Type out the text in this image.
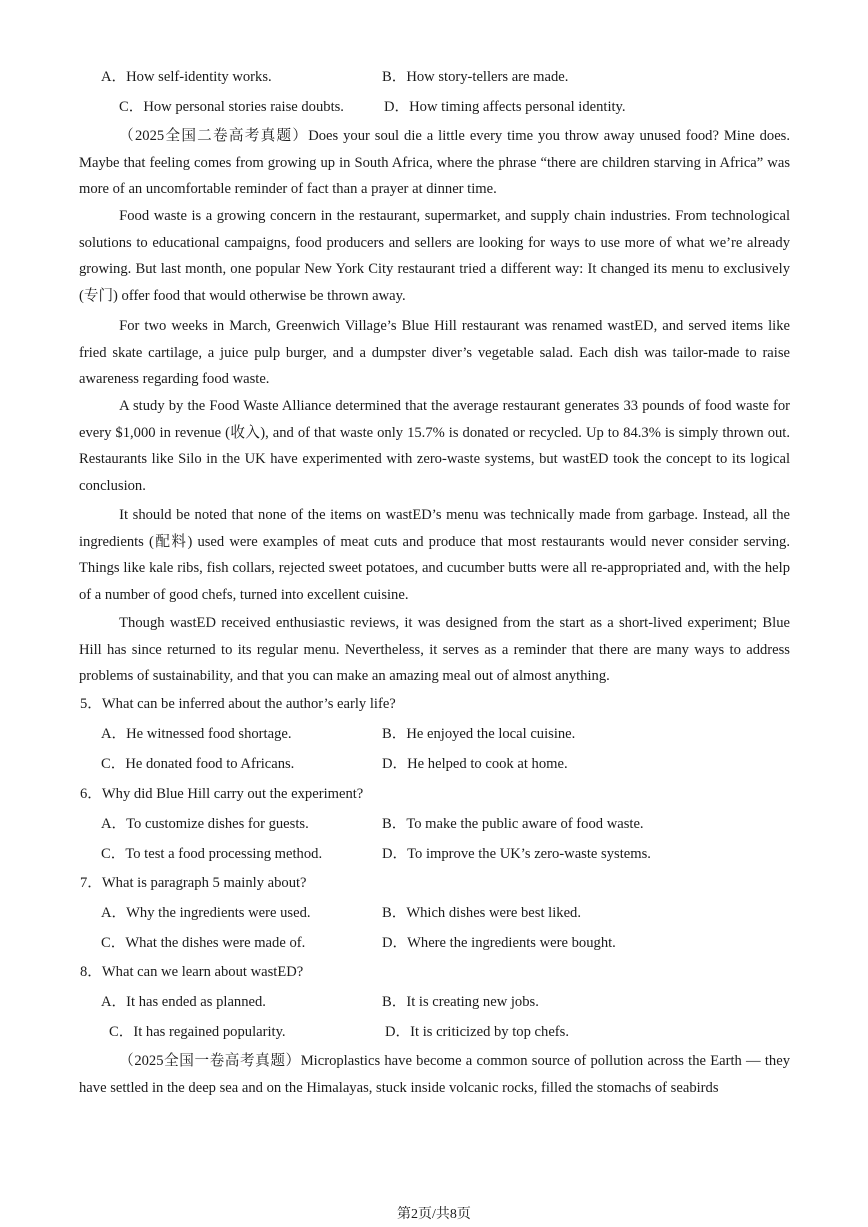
A．How self-identity works.	B．How story-tellers are made.
C．How personal stories raise doubts.	D．How timing affects personal identity.

（2025全国二卷高考真题）Does your soul die a little every time you throw away unused food? Mine does. Maybe that feeling comes from growing up in South Africa, where the phrase “there are children starving in Africa” was more of an uncomfortable reminder of fact than a prayer at dinner time.

Food waste is a growing concern in the restaurant, supermarket, and supply chain industries. From technological solutions to educational campaigns, food producers and sellers are looking for ways to use more of what we’re already growing. But last month, one popular New York City restaurant tried a different way: It changed its menu to exclusively (专门) offer food that would otherwise be thrown away.

For two weeks in March, Greenwich Village’s Blue Hill restaurant was renamed wastED, and served items like fried skate cartilage, a juice pulp burger, and a dumpster diver’s vegetable salad. Each dish was tailor-made to raise awareness regarding food waste.

A study by the Food Waste Alliance determined that the average restaurant generates 33 pounds of food waste for every $1,000 in revenue (收入), and of that waste only 15.7% is donated or recycled. Up to 84.3% is simply thrown out. Restaurants like Silo in the UK have experimented with zero-waste systems, but wastED took the concept to its logical conclusion.

It should be noted that none of the items on wastED’s menu was technically made from garbage. Instead, all the ingredients (配料) used were examples of meat cuts and produce that most restaurants would never consider serving. Things like kale ribs, fish collars, rejected sweet potatoes, and cucumber butts were all re-appropriated and, with the help of a number of good chefs, turned into excellent cuisine.

Though wastED received enthusiastic reviews, it was designed from the start as a short-lived experiment; Blue Hill has since returned to its regular menu. Nevertheless, it serves as a reminder that there are many ways to address problems of sustainability, and that you can make an amazing meal out of almost anything.

5．What can be inferred about the author’s early life?
A．He witnessed food shortage.	B．He enjoyed the local cuisine.
C．He donated food to Africans.	D．He helped to cook at home.
6．Why did Blue Hill carry out the experiment?
A．To customize dishes for guests.	B．To make the public aware of food waste.
C．To test a food processing method.	D．To improve the UK’s zero-waste systems.
7．What is paragraph 5 mainly about?
A．Why the ingredients were used.	B．Which dishes were best liked.
C．What the dishes were made of.	D．Where the ingredients were bought.
8．What can we learn about wastED?
A．It has ended as planned.	B．It is creating new jobs.
C．It has regained popularity.	D．It is criticized by top chefs.

（2025全国一卷高考真题）Microplastics have become a common source of pollution across the Earth — they have settled in the deep sea and on the Himalayas, stuck inside volcanic rocks, filled the stomachs of seabirds

第2页/共8页
